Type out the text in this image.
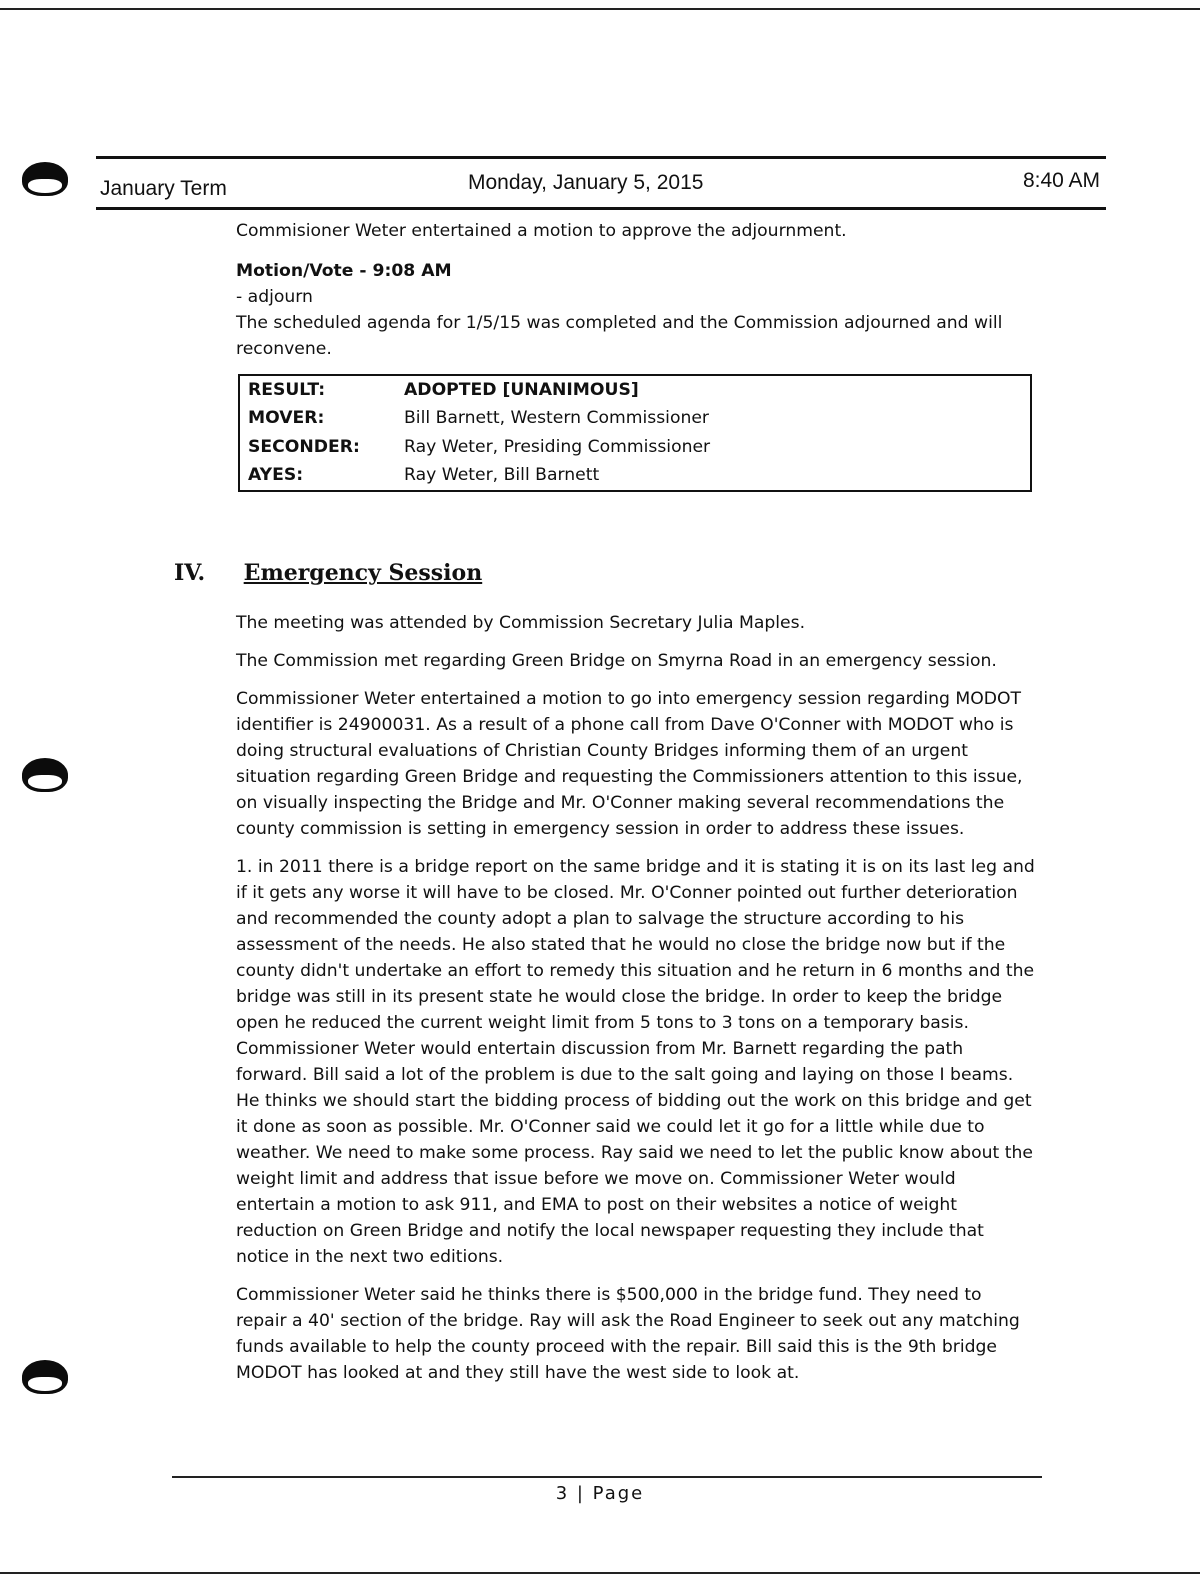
January Term	Monday, January 5, 2015	8:40 AM

Commisioner Weter entertained a motion to approve the adjournment.

Motion/Vote - 9:08 AM

- adjourn

The scheduled agenda for 1/5/15 was completed and the Commission adjourned and will reconvene.

RESULT:	ADOPTED [UNANIMOUS]
MOVER:	Bill Barnett, Western Commissioner
SECONDER:	Ray Weter, Presiding Commissioner
AYES:	Ray Weter, Bill Barnett
IV. Emergency Session

The meeting was attended by Commission Secretary Julia Maples.

The Commission met regarding Green Bridge on Smyrna Road in an emergency session.

Commissioner Weter entertained a motion to go into emergency session regarding MODOT identifier is 24900031. As a result of a phone call from Dave O'Conner with MODOT who is doing structural evaluations of Christian County Bridges informing them of an urgent situation regarding Green Bridge and requesting the Commissioners attention to this issue, on visually inspecting the Bridge and Mr. O'Conner making several recommendations the county commission is setting in emergency session in order to address these issues.

1. in 2011 there is a bridge report on the same bridge and it is stating it is on its last leg and if it gets any worse it will have to be closed. Mr. O'Conner pointed out further deterioration and recommended the county adopt a plan to salvage the structure according to his assessment of the needs. He also stated that he would no close the bridge now but if the county didn't undertake an effort to remedy this situation and he return in 6 months and the bridge was still in its present state he would close the bridge. In order to keep the bridge open he reduced the current weight limit from 5 tons to 3 tons on a temporary basis. Commissioner Weter would entertain discussion from Mr. Barnett regarding the path forward. Bill said a lot of the problem is due to the salt going and laying on those I beams. He thinks we should start the bidding process of bidding out the work on this bridge and get it done as soon as possible. Mr. O'Conner said we could let it go for a little while due to weather. We need to make some process. Ray said we need to let the public know about the weight limit and address that issue before we move on. Commissioner Weter would entertain a motion to ask 911, and EMA to post on their websites a notice of weight reduction on Green Bridge and notify the local newspaper requesting they include that notice in the next two editions.

Commissioner Weter said he thinks there is $500,000 in the bridge fund. They need to repair a 40' section of the bridge. Ray will ask the Road Engineer to seek out any matching funds available to help the county proceed with the repair. Bill said this is the 9th bridge MODOT has looked at and they still have the west side to look at.

3 | Page
